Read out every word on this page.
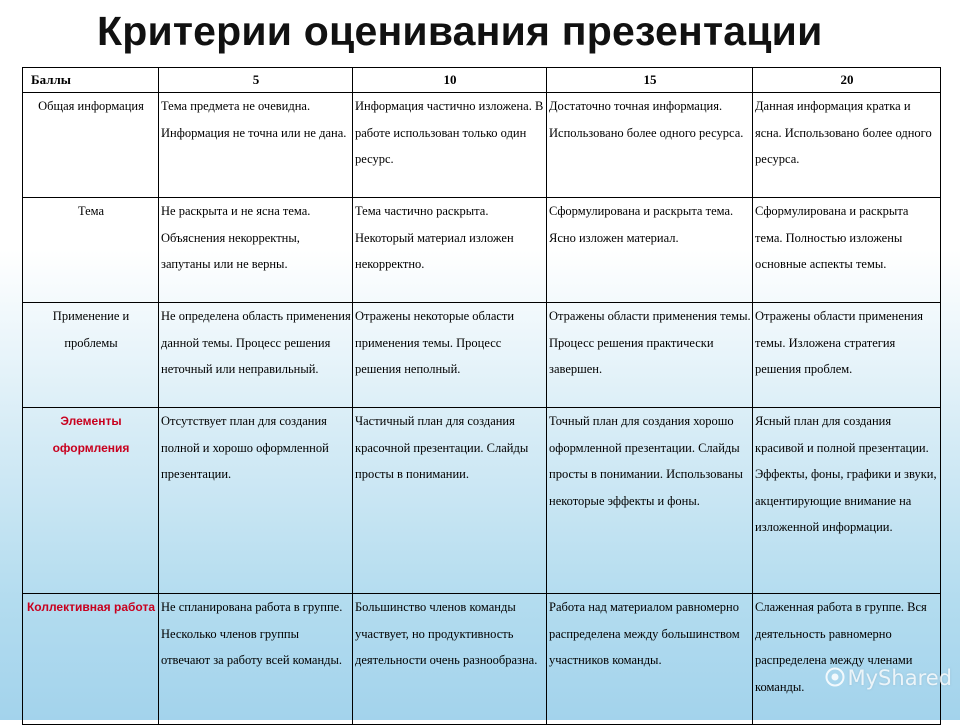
Критерии оценивания презентации
Баллы	5	10	15	20
Общая информация	Тема предмета не очевидна. Информация не точна или не дана.	Информация частично изложена. В работе использован только один ресурс.	Достаточно точная информация. Использовано более одного ресурса.	Данная информация кратка и ясна. Использовано более одного ресурса.
Тема	Не раскрыта и не ясна тема. Объяснения некорректны, запутаны или не верны.	Тема частично раскрыта. Некоторый материал изложен некорректно.	Сформулирована и раскрыта тема. Ясно изложен материал.	Сформулирована и раскрыта тема. Полностью изложены основные аспекты темы.
Применение и проблемы	Не определена область применения данной темы. Процесс решения неточный или неправильный.	Отражены некоторые области применения темы. Процесс решения неполный.	Отражены области применения темы. Процесс решения практически завершен.	Отражены области применения темы. Изложена стратегия решения проблем.
Элементы оформления	Отсутствует план для создания полной и хорошо оформленной презентации.	Частичный план для создания красочной презентации. Слайды просты в понимании.	Точный план для создания хорошо оформленной презентации. Слайды просты в понимании. Использованы некоторые эффекты и фоны.	Ясный план для создания красивой и полной презентации. Эффекты, фоны, графики и звуки, акцентирующие внимание на изложенной информации.
Коллективная работа	Не спланирована работа в группе. Несколько членов группы отвечают за работу всей команды.	Большинство членов команды участвует, но продуктивность деятельности очень разнообразна.	Работа над материалом равномерно распределена между большинством участников команды.	Слаженная работа в группе. Вся деятельность равномерно распределена между членами команды.	MyShared
